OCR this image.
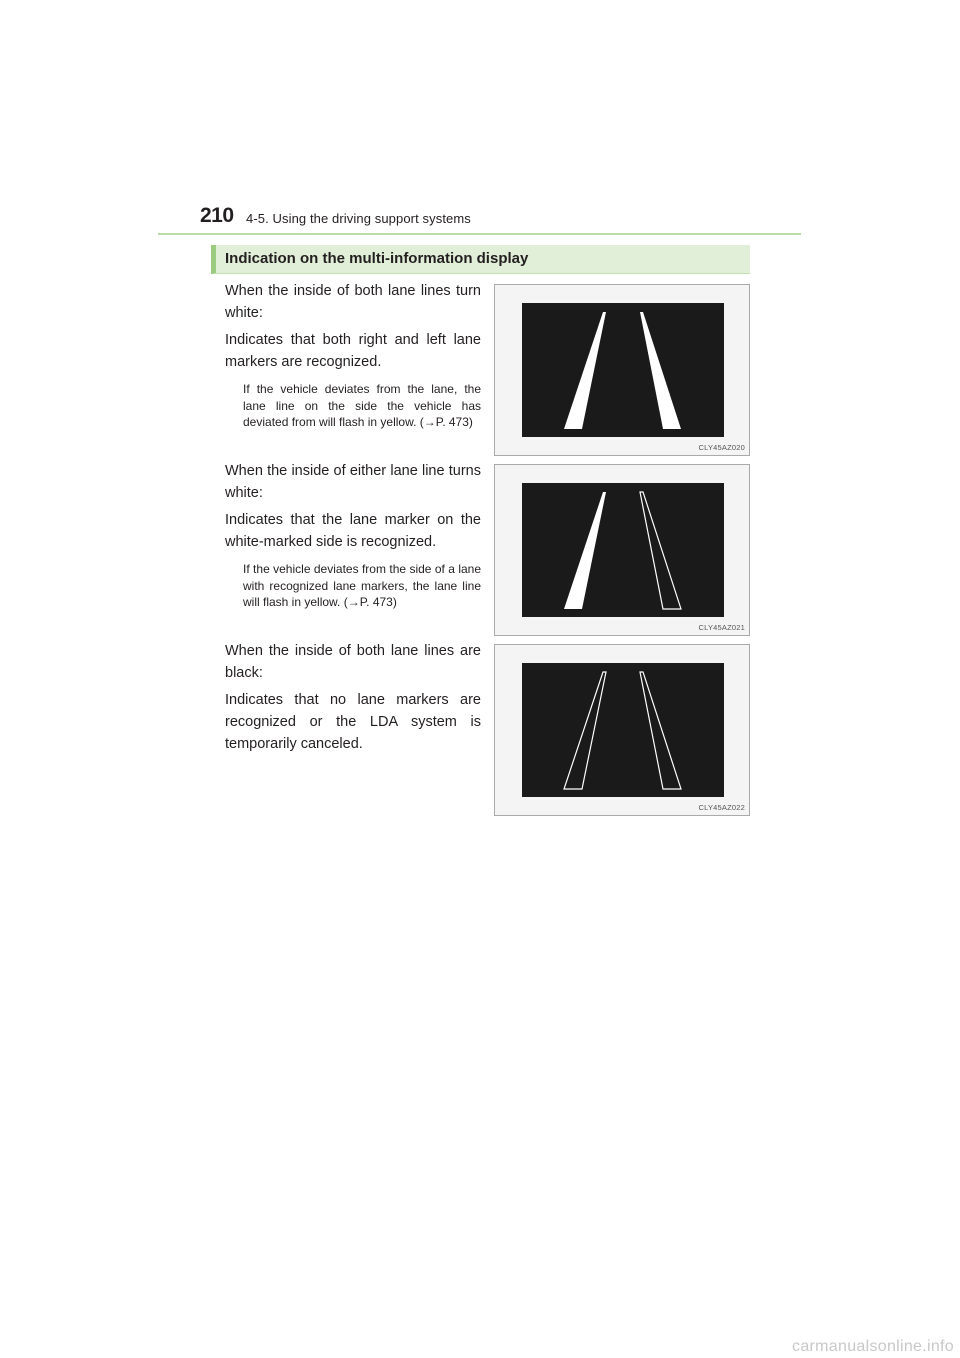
210 4-5. Using the driving support systems
Indication on the multi-information display

When the inside of both lane lines turn white:

Indicates that both right and left lane markers are recognized.

If the vehicle deviates from the lane, the lane line on the side the vehicle has deviated from will flash in yellow. (→P. 473)

CLY45AZ020

When the inside of either lane line turns white:

Indicates that the lane marker on the white-marked side is recognized.

If the vehicle deviates from the side of a lane with recognized lane markers, the lane line will flash in yellow. (→P. 473)

CLY45AZ021

When the inside of both lane lines are black:

Indicates that no lane markers are recognized or the LDA system is temporarily canceled.

CLY45AZ022
carmanualsonline.info
